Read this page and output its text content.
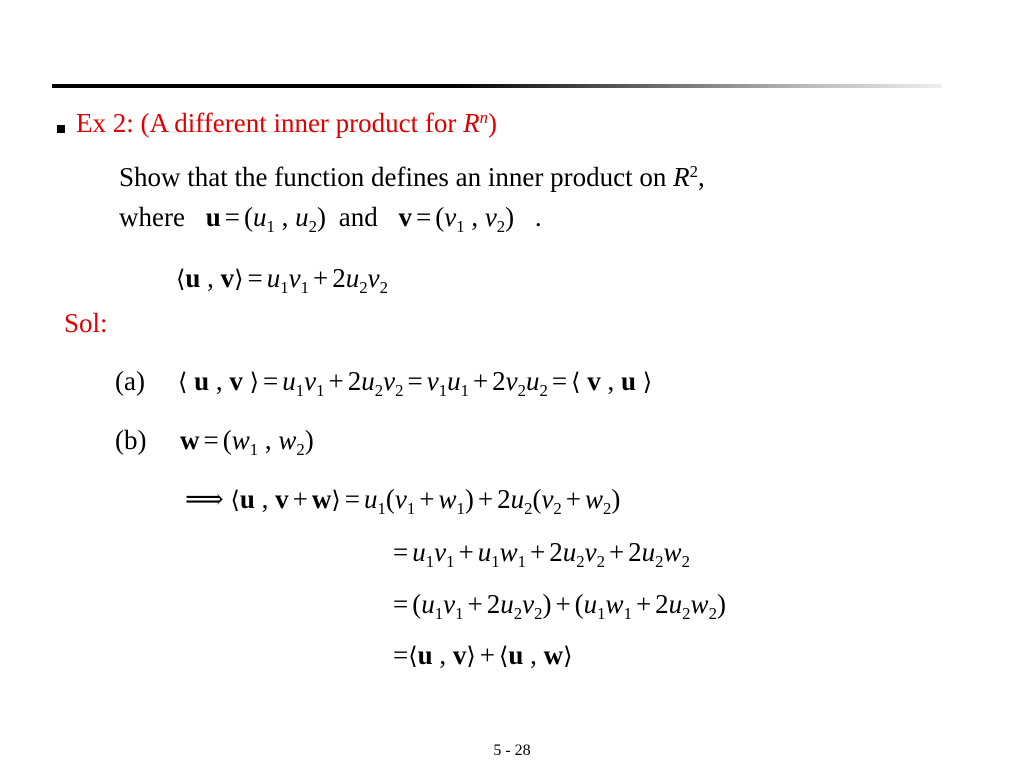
Ex 2: (A different inner product for $R^n$)
Show that the function defines an inner product on $R^2$,
where $u = (u_1$ , $u_2$) and $v = (v_1$ , $v_2$) .
⟨u , v⟩ = $u_1v_1 + 2u_2v_2$
Sol:
(a) ⟨ u , v ⟩ = $u_1v_1 + 2u_2v_2 = v_1u_1 + 2v_2u_2$ = ⟨ v , u ⟩
(b) $w = (w_1$ , $w_2$)
⟹ ⟨u , v + w⟩ = $u_1(v_1 + w_1) + 2u_2(v_2 + w_2)$
= $u_1v_1 + u_1w_1 + 2u_2v_2 + 2u_2w_2$
= $(u_1v_1 + 2u_2v_2) + (u_1w_1 + 2u_2w_2)$
=⟨u , v⟩ + ⟨u , w⟩
5 - 28
